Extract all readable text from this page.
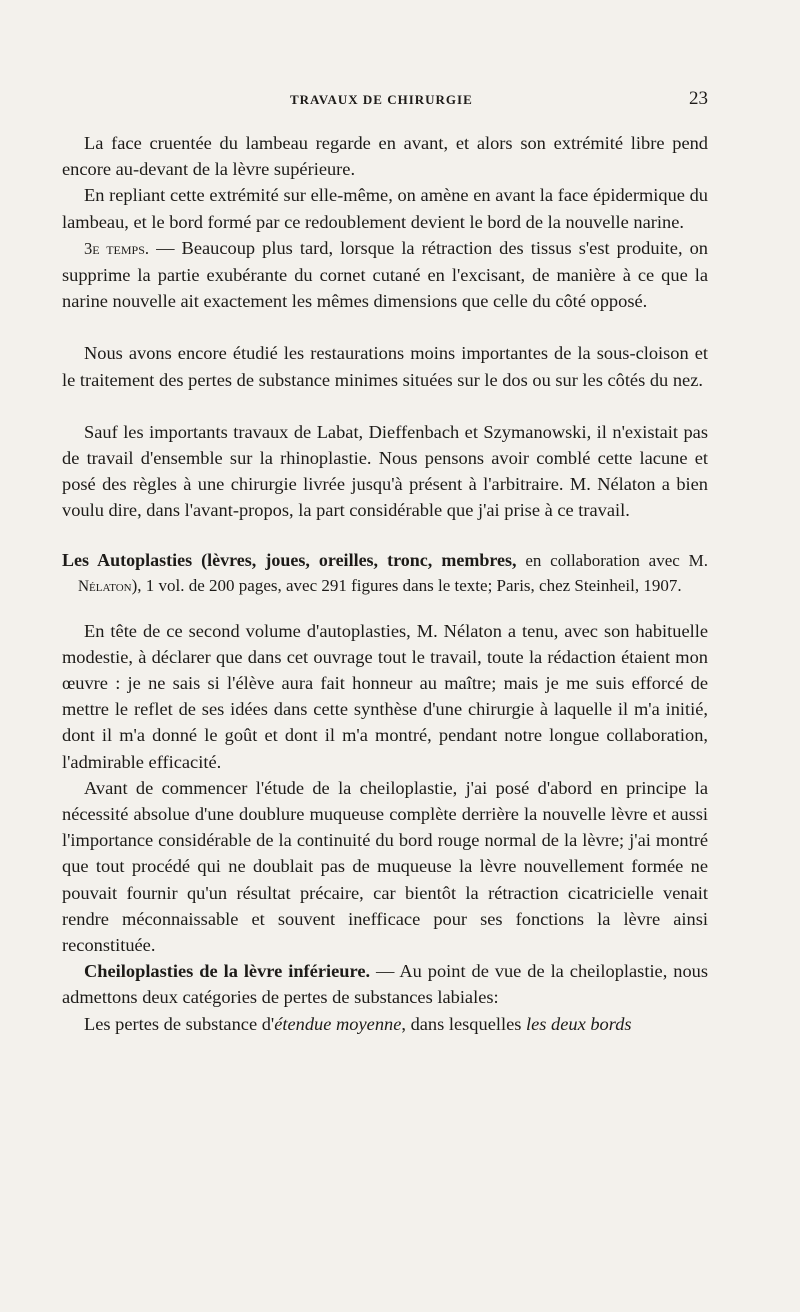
TRAVAUX DE CHIRURGIE	23

La face cruentée du lambeau regarde en avant, et alors son extrémité libre pend encore au-devant de la lèvre supérieure.

En repliant cette extrémité sur elle-même, on amène en avant la face épidermique du lambeau, et le bord formé par ce redoublement devient le bord de la nouvelle narine.

3e temps. — Beaucoup plus tard, lorsque la rétraction des tissus s'est produite, on supprime la partie exubérante du cornet cutané en l'excisant, de manière à ce que la narine nouvelle ait exactement les mêmes dimensions que celle du côté opposé.

Nous avons encore étudié les restaurations moins importantes de la sous-cloison et le traitement des pertes de substance minimes situées sur le dos ou sur les côtés du nez.

Sauf les importants travaux de Labat, Dieffenbach et Szymanowski, il n'existait pas de travail d'ensemble sur la rhinoplastie. Nous pensons avoir comblé cette lacune et posé des règles à une chirurgie livrée jusqu'à présent à l'arbitraire. M. Nélaton a bien voulu dire, dans l'avant-propos, la part considérable que j'ai prise à ce travail.

Les Autoplasties (lèvres, joues, oreilles, tronc, membres, en collaboration avec M. Nélaton), 1 vol. de 200 pages, avec 291 figures dans le texte; Paris, chez Steinheil, 1907.

En tête de ce second volume d'autoplasties, M. Nélaton a tenu, avec son habituelle modestie, à déclarer que dans cet ouvrage tout le travail, toute la rédaction étaient mon œuvre : je ne sais si l'élève aura fait honneur au maître; mais je me suis efforcé de mettre le reflet de ses idées dans cette synthèse d'une chirurgie à laquelle il m'a initié, dont il m'a donné le goût et dont il m'a montré, pendant notre longue collaboration, l'admirable efficacité.

Avant de commencer l'étude de la cheiloplastie, j'ai posé d'abord en principe la nécessité absolue d'une doublure muqueuse complète derrière la nouvelle lèvre et aussi l'importance considérable de la continuité du bord rouge normal de la lèvre; j'ai montré que tout procédé qui ne doublait pas de muqueuse la lèvre nouvellement formée ne pouvait fournir qu'un résultat précaire, car bientôt la rétraction cicatricielle venait rendre méconnaissable et souvent inefficace pour ses fonctions la lèvre ainsi reconstituée.

Cheiloplasties de la lèvre inférieure. — Au point de vue de la cheiloplastie, nous admettons deux catégories de pertes de substances labiales:

Les pertes de substance d'étendue moyenne, dans lesquelles les deux bords
